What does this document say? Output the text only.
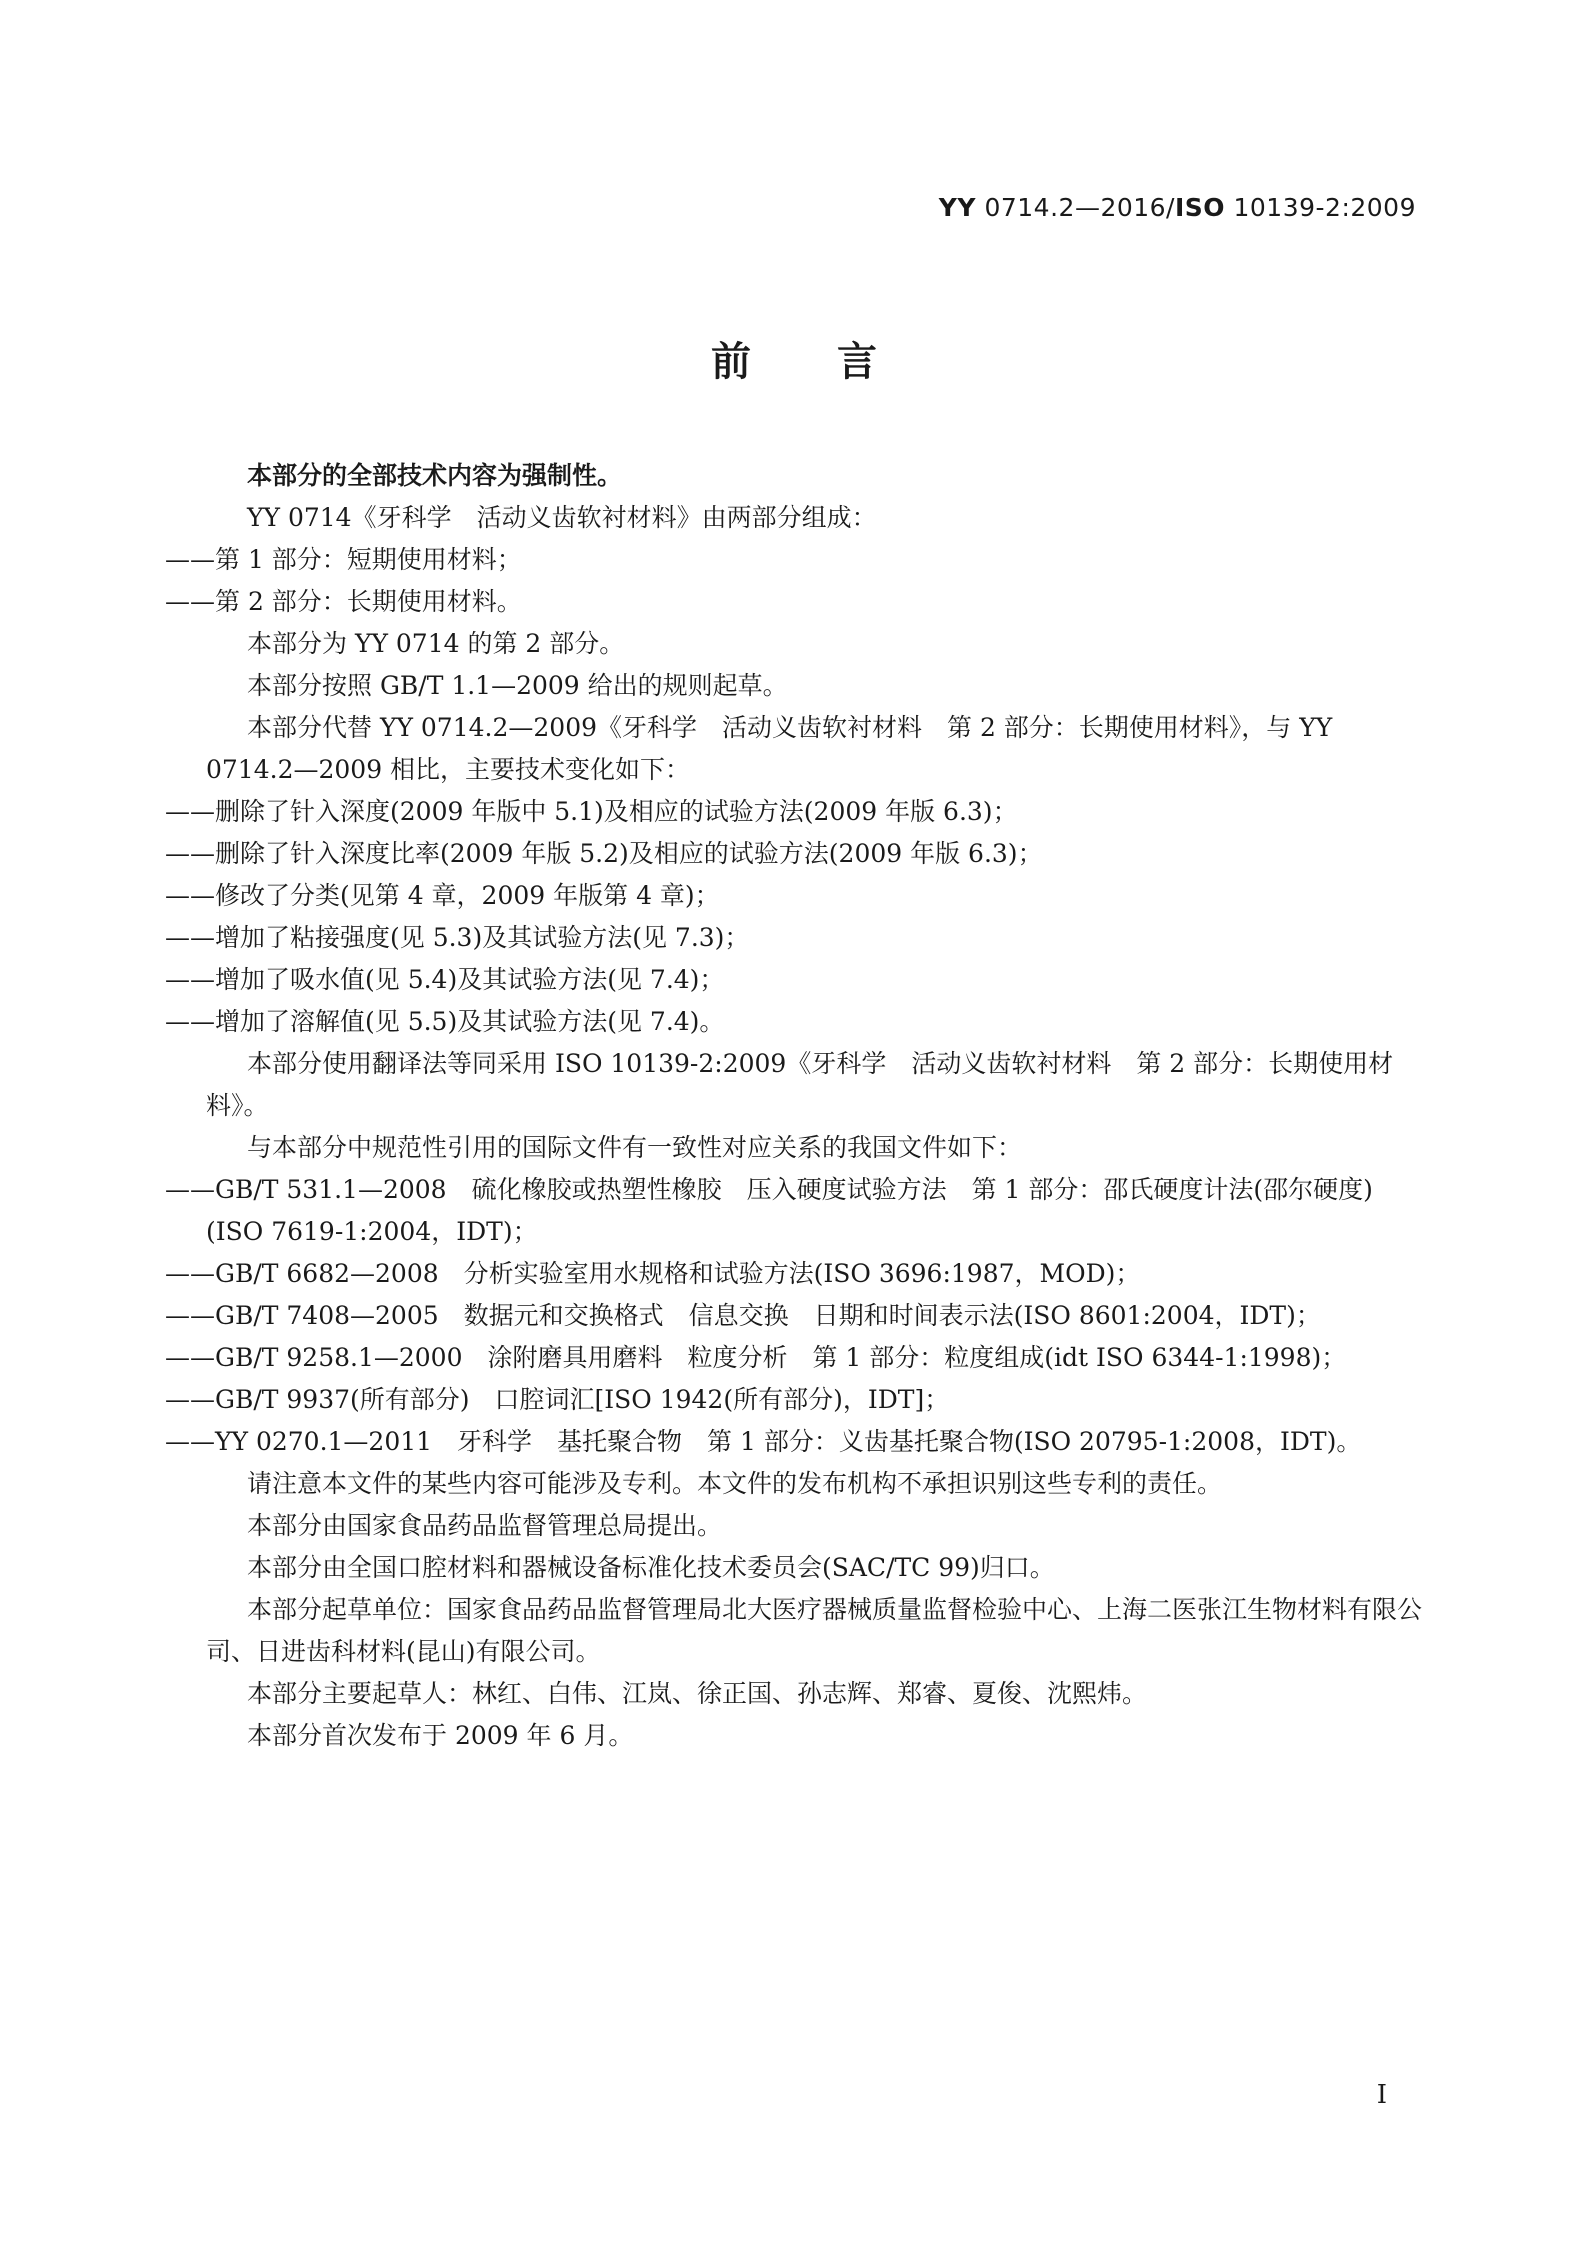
YY 0714.2—2016/ISO 10139-2:2009
前 言

本部分的全部技术内容为强制性。

YY 0714《牙科学　活动义齿软衬材料》由两部分组成：

——第 1 部分：短期使用材料；

——第 2 部分：长期使用材料。

本部分为 YY 0714 的第 2 部分。

本部分按照 GB/T 1.1—2009 给出的规则起草。

本部分代替 YY 0714.2—2009《牙科学　活动义齿软衬材料　第 2 部分：长期使用材料》，与 YY 0714.2—2009 相比，主要技术变化如下：

——删除了针入深度(2009 年版中 5.1)及相应的试验方法(2009 年版 6.3)；

——删除了针入深度比率(2009 年版 5.2)及相应的试验方法(2009 年版 6.3)；

——修改了分类(见第 4 章，2009 年版第 4 章)；

——增加了粘接强度(见 5.3)及其试验方法(见 7.3)；

——增加了吸水值(见 5.4)及其试验方法(见 7.4)；

——增加了溶解值(见 5.5)及其试验方法(见 7.4)。

本部分使用翻译法等同采用 ISO 10139-2:2009《牙科学　活动义齿软衬材料　第 2 部分：长期使用材料》。

与本部分中规范性引用的国际文件有一致性对应关系的我国文件如下：

——GB/T 531.1—2008　硫化橡胶或热塑性橡胶　压入硬度试验方法　第 1 部分：邵氏硬度计法(邵尔硬度)(ISO 7619-1:2004，IDT)；

——GB/T 6682—2008　分析实验室用水规格和试验方法(ISO 3696:1987，MOD)；

——GB/T 7408—2005　数据元和交换格式　信息交换　日期和时间表示法(ISO 8601:2004，IDT)；

——GB/T 9258.1—2000　涂附磨具用磨料　粒度分析　第 1 部分：粒度组成(idt ISO 6344-1:1998)；

——GB/T 9937(所有部分)　口腔词汇[ISO 1942(所有部分)，IDT]；

——YY 0270.1—2011　牙科学　基托聚合物　第 1 部分：义齿基托聚合物(ISO 20795-1:2008，IDT)。

请注意本文件的某些内容可能涉及专利。本文件的发布机构不承担识别这些专利的责任。

本部分由国家食品药品监督管理总局提出。

本部分由全国口腔材料和器械设备标准化技术委员会(SAC/TC 99)归口。

本部分起草单位：国家食品药品监督管理局北大医疗器械质量监督检验中心、上海二医张江生物材料有限公司、日进齿科材料(昆山)有限公司。

本部分主要起草人：林红、白伟、江岚、徐正国、孙志辉、郑睿、夏俊、沈熙炜。

本部分首次发布于 2009 年 6 月。

I
